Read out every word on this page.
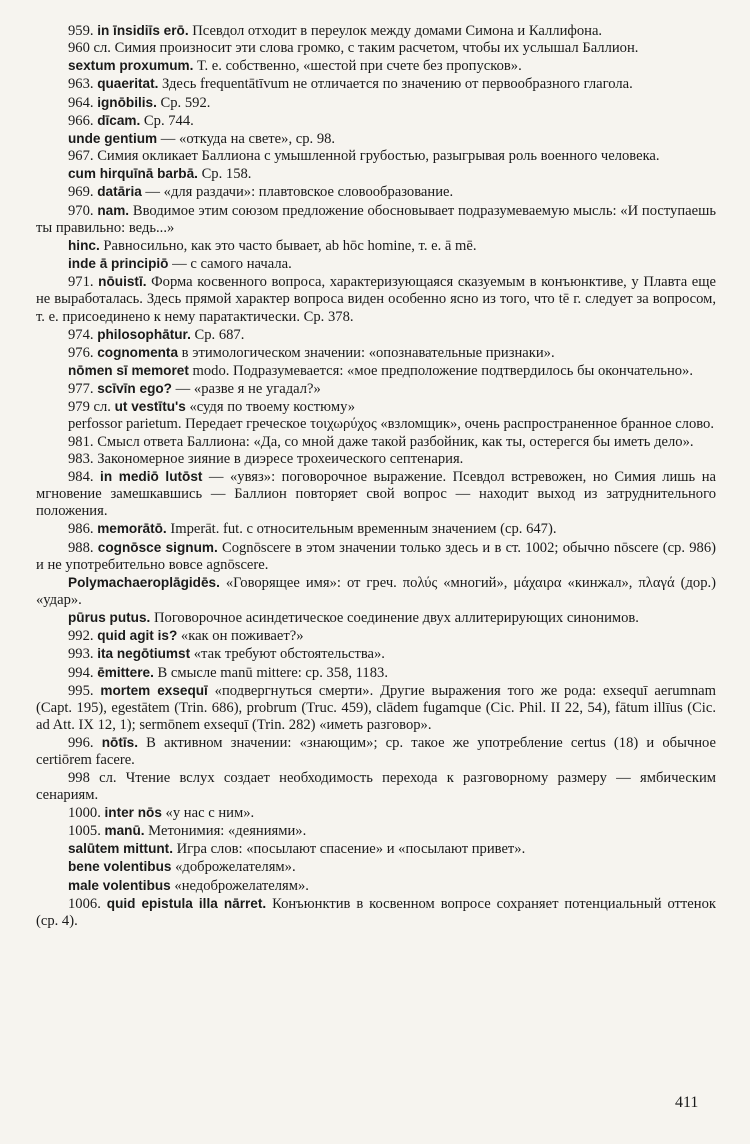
959. in īnsidiīs erō. Псевдол отходит в переулок между домами Симона и Каллифона.

960 сл. Симия произносит эти слова громко, с таким расчетом, чтобы их услышал Баллион.

sextum proxumum. Т. е. собственно, «шестой при счете без пропусков».

963. quaeritat. Здесь frequentātīvum не отличается по значению от первообразного глагола.

964. ignōbilis. Ср. 592.

966. dīcam. Ср. 744.

unde gentium — «откуда на свете», ср. 98.

967. Симия окликает Баллиона с умышленной грубостью, разыгрывая роль военного человека.

cum hirquīnā barbā. Ср. 158.

969. datāria — «для раздачи»: плавтовское словообразование.

970. nam. Вводимое этим союзом предложение обосновывает подразумеваемую мысль: «И поступаешь ты правильно: ведь...»

hinc. Равносильно, как это часто бывает, ab hōc homine, т. е. ā mē.

inde ā principiō — с самого начала.

971. nōuistī. Форма косвенного вопроса, характеризующаяся сказуемым в конъюнктиве, у Плавта еще не выработалась. Здесь прямой характер вопроса виден особенно ясно из того, что tē г. следует за вопросом, т. е. присоединено к нему паратактически. Ср. 378.

974. philosophātur. Ср. 687.

976. cognomenta в этимологическом значении: «опознавательные признаки».

nōmen sī memoret modo. Подразумевается: «мое предположение подтвердилось бы окончательно».

977. scīvīn ego? — «разве я не угадал?»

979 сл. ut vestītu's «судя по твоему костюму»

perfossor parietum. Передает греческое τοιχωρύχος «взломщик», очень распространенное бранное слово.

981. Смысл ответа Баллиона: «Да, со мной даже такой разбойник, как ты, остерегся бы иметь дело».

983. Закономерное зияние в диэресе трохеического септенария.

984. in mediō lutōst — «увяз»: поговорочное выражение. Псевдол встревожен, но Симия лишь на мгновение замешкавшись — Баллион повторяет свой вопрос — находит выход из затруднительного положения.

986. memorātō. Imperāt. fut. с относительным временным значением (ср. 647).

988. cognōsce signum. Cognōscere в этом значении только здесь и в ст. 1002; обычно nōscere (ср. 986) и не употребительно вовсе agnōscere.

Polymachaeroplāgidēs. «Говорящее имя»: от греч. πολύς «многий», μάχαιρα «кинжал», πλαγά (дор.) «удар».

pūrus putus. Поговорочное асиндетическое соединение двух аллитерирующих синонимов.

992. quid agit is? «как он поживает?»

993. ita negōtiumst «так требуют обстоятельства».

994. ēmittere. В смысле manū mittere: ср. 358, 1183.

995. mortem exsequī «подвергнуться смерти». Другие выражения того же рода: exsequī aerumnam (Capt. 195), egestātem (Trin. 686), probrum (Truc. 459), clādem fugamque (Cic. Phil. II 22, 54), fātum illīus (Cic. ad Att. IX 12, 1); sermōnem exsequī (Trin. 282) «иметь разговор».

996. nōtīs. В активном значении: «знающим»; ср. такое же употребление certus (18) и обычное certiōrem facere.

998 сл. Чтение вслух создает необходимость перехода к разговорному размеру — ямбическим сенариям.

1000. inter nōs «у нас с ним».

1005. manū. Метонимия: «деяниями».

salūtem mittunt. Игра слов: «посылают спасение» и «посылают привет».

bene volentibus «доброжелателям».

male volentibus «недоброжелателям».

1006. quid epistula illa nārret. Конъюнктив в косвенном вопросе сохраняет потенциальный оттенок (ср. 4).

411
